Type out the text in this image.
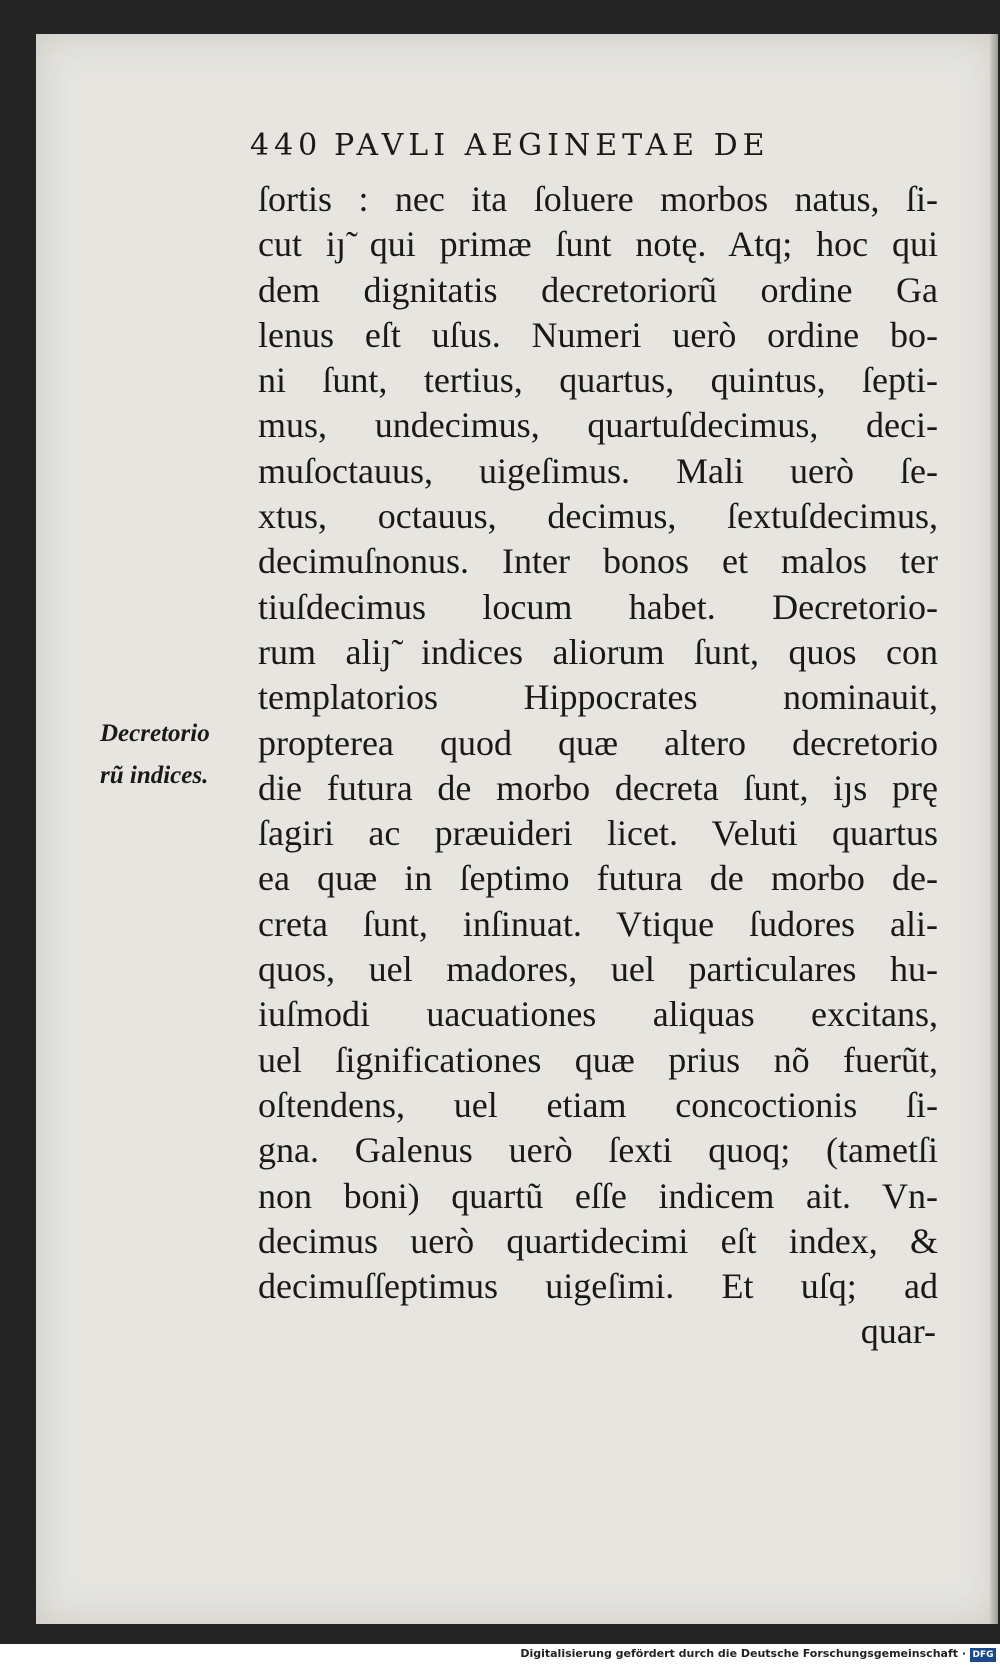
440 PAVLI AEGINETAE DE
ſortis : nec ita ſoluere morbos natus, ſi-
cut iȷ̃ qui primæ ſunt notę. Atq; hoc qui
dem dignitatis decretoriorũ ordine Ga
lenus eſt uſus. Numeri uerò ordine bo-
ni ſunt, tertius, quartus, quintus, ſepti-
mus, undecimus, quartuſdecimus, deci-
muſoctauus, uigeſimus. Mali uerò ſe-
xtus, octauus, decimus, ſextuſdecimus,
decimuſnonus. Inter bonos et malos ter
tiuſdecimus locum habet. Decretorio-
rum aliȷ̃ indices aliorum ſunt, quos con
templatorios Hippocrates nominauit,
propterea quod quæ altero decretorio
die futura de morbo decreta ſunt, iȷs prę
ſagiri ac præuideri licet. Veluti quartus
ea quæ in ſeptimo futura de morbo de-
creta ſunt, inſinuat. Vtique ſudores ali-
quos, uel madores, uel particulares hu-
iuſmodi uacuationes aliquas excitans,
uel ſignificationes quæ prius nõ fuerũt,
oſtendens, uel etiam concoctionis ſi-
gna. Galenus uerò ſexti quoq; (tametſi
non boni) quartũ eſſe indicem ait. Vn-
decimus uerò quartidecimi eſt index, &
decimuſſeptimus uigeſimi. Et uſq; ad
quar-
Decretorio
rũ indices.
Digitalisierung gefördert durch die Deutsche Forschungsgemeinschaft · DFG
